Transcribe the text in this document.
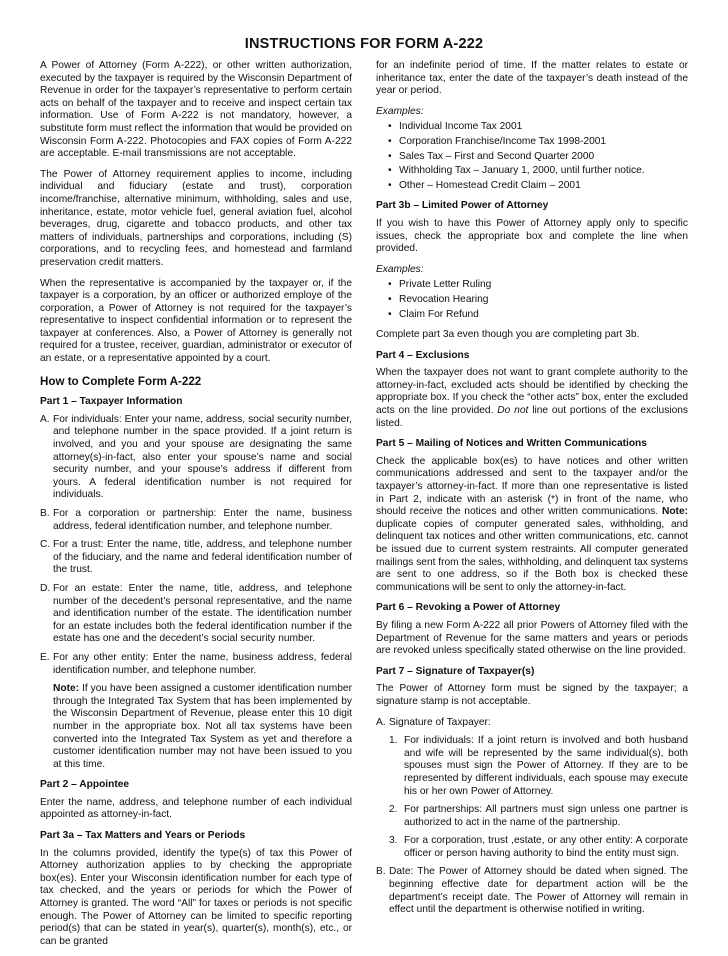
INSTRUCTIONS FOR FORM A-222

A Power of Attorney (Form A-222), or other written authorization, executed by the taxpayer is required by the Wisconsin Department of Revenue in order for the taxpayer’s representative to perform certain acts on behalf of the taxpayer and to receive and inspect certain tax information. Use of Form A-222 is not mandatory, however, a substitute form must reflect the information that would be provided on Wisconsin Form A-222. Photocopies and FAX copies of Form A-222 are acceptable. E-mail transmissions are not acceptable.

The Power of Attorney requirement applies to income, including individual and fiduciary (estate and trust), corporation income/franchise, alternative minimum, withholding, sales and use, inheritance, estate, motor vehicle fuel, general aviation fuel, alcohol beverages, drug, cigarette and tobacco products, and other tax matters of individuals, partnerships and corporations, including (S) corporations, and to recycling fees, and homestead and farmland preservation credit matters.

When the representative is accompanied by the taxpayer or, if the taxpayer is a corporation, by an officer or authorized employe of the corporation, a Power of Attorney is not required for the taxpayer’s representative to inspect confidential information or to represent the taxpayer at conferences. Also, a Power of Attorney is generally not required for a trustee, receiver, guardian, administrator or executor of an estate, or a representative appointed by a court.

How to Complete Form A-222
Part 1 – Taxpayer Information
A. For individuals: Enter your name, address, social security number, and telephone number in the space provided. If a joint return is involved, and you and your spouse are designating the same attorney(s)-in-fact, also enter your spouse’s name and social security number, and your spouse’s address if different from yours. A federal identification number is not required for individuals.
B. For a corporation or partnership: Enter the name, business address, federal identification number, and telephone number.
C. For a trust: Enter the name, title, address, and telephone number of the fiduciary, and the name and federal identification number of the trust.
D. For an estate: Enter the name, title, address, and telephone number of the decedent’s personal representative, and the name and identification number of the estate. The identification number for an estate includes both the federal identification number if the estate has one and the decedent’s social security number.
E. For any other entity: Enter the name, business address, federal identification number, and telephone number.
Note: If you have been assigned a customer identification number through the Integrated Tax System that has been implemented by the Wisconsin Department of Revenue, please enter this 10 digit number in the appropriate box. Not all tax systems have been converted into the Integrated Tax System as yet and therefore a customer identification number may not have been issued to you at this time.
Part 2 – Appointee

Enter the name, address, and telephone number of each individual appointed as attorney-in-fact.

Part 3a – Tax Matters and Years or Periods

In the columns provided, identify the type(s) of tax this Power of Attorney authorization applies to by checking the appropriate box(es). Enter your Wisconsin identification number for each type of tax checked, and the years or periods for which the Power of Attorney is granted. The word “All” for taxes or periods is not specific enough. The Power of Attorney can be limited to specific reporting period(s) that can be stated in year(s), quarter(s), month(s), etc., or can be granted

for an indefinite period of time. If the matter relates to estate or inheritance tax, enter the date of the taxpayer’s death instead of the year or period.

Examples:
• Individual Income Tax 2001
• Corporation Franchise/Income Tax 1998-2001
• Sales Tax – First and Second Quarter 2000
• Withholding Tax – January 1, 2000, until further notice.
• Other – Homestead Credit Claim – 2001
Part 3b – Limited Power of Attorney

If you wish to have this Power of Attorney apply only to specific issues, check the appropriate box and complete the line when provided.

Examples:
• Private Letter Ruling
• Revocation Hearing
• Claim For Refund

Complete part 3a even though you are completing part 3b.

Part 4 – Exclusions

When the taxpayer does not want to grant complete authority to the attorney-in-fact, excluded acts should be identified by checking the appropriate box. If you check the “other acts” box, enter the excluded acts on the line provided. Do not line out portions of the exclusions listed.

Part 5 – Mailing of Notices and Written Communications

Check the applicable box(es) to have notices and other written communications addressed and sent to the taxpayer and/or the taxpayer’s attorney-in-fact. If more than one representative is listed in Part 2, indicate with an asterisk (*) in front of the name, who should receive the notices and other written communications. Note: duplicate copies of computer generated sales, withholding, and delinquent tax notices and other written communications, etc. cannot be issued due to current system restraints. All computer generated mailings sent from the sales, withholding, and delinquent tax systems are sent to one address, so if the Both box is checked these communications will be sent to only the attorney-in-fact.

Part 6 – Revoking a Power of Attorney

By filing a new Form A-222 all prior Powers of Attorney filed with the Department of Revenue for the same matters and years or periods are revoked unless specifically stated otherwise on the line provided.

Part 7 – Signature of Taxpayer(s)

The Power of Attorney form must be signed by the taxpayer; a signature stamp is not acceptable.

A. Signature of Taxpayer:
1. For individuals: If a joint return is involved and both husband and wife will be represented by the same individual(s), both spouses must sign the Power of Attorney. If they are to be represented by different individuals, each spouse may execute his or her own Power of Attorney.
2. For partnerships: All partners must sign unless one partner is authorized to act in the name of the partnership.
3. For a corporation, trust ,estate, or any other entity: A corporate officer or person having authority to bind the entity must sign.
B. Date: The Power of Attorney should be dated when signed. The beginning effective date for department action will be the department’s receipt date. The Power of Attorney will remain in effect until the department is otherwise notified in writing.
